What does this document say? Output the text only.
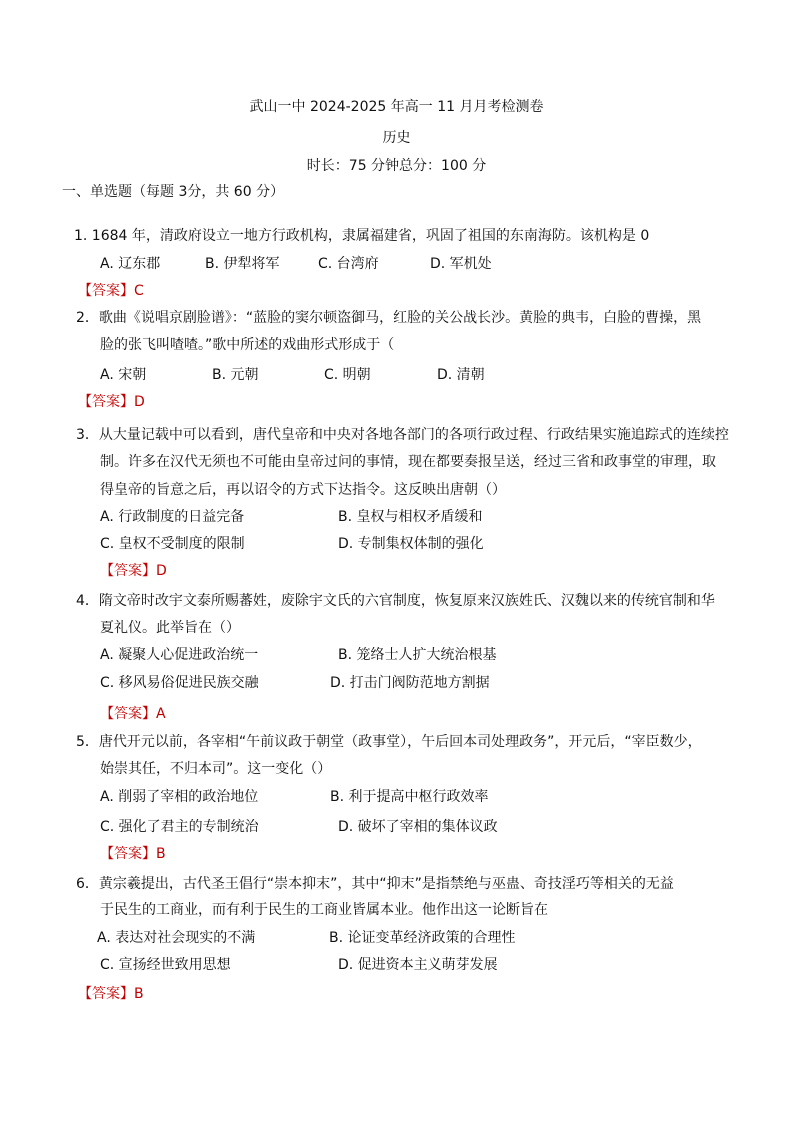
武山一中 2024-2025 年高一 11 月月考检测卷
历史
时长：75 分钟总分：100 分
一、单选题（每题 3分，共 60 分）
1. 1684 年，清政府设立一地方行政机构，隶属福建省，巩固了祖国的东南海防。该机构是 0
A. 辽东郡	B. 伊犁将军	C. 台湾府	D. 军机处
【答案】C
2．歌曲《说唱京剧脸谱》：“蓝脸的窦尔顿盗御马，红脸的关公战长沙。黄脸的典韦，白脸的曹操，黑
脸的张飞叫喳喳。”歌中所述的戏曲形式形成于（
A. 宋朝	B. 元朝	C. 明朝	D. 清朝
【答案】D
3．从大量记载中可以看到，唐代皇帝和中央对各地各部门的各项行政过程、行政结果实施追踪式的连续控
制。许多在汉代无须也不可能由皇帝过问的事情，现在都要奏报呈送，经过三省和政事堂的审理，取
得皇帝的旨意之后，再以诏令的方式下达指令。这反映出唐朝（）
A. 行政制度的日益完备	B. 皇权与相权矛盾缓和
C. 皇权不受制度的限制	D. 专制集权体制的强化
【答案】D
4．隋文帝时改宇文泰所赐蕃姓，废除宇文氏的六官制度，恢复原来汉族姓氏、汉魏以来的传统官制和华
夏礼仪。此举旨在（）
A. 凝聚人心促进政治统一	B. 笼络士人扩大统治根基
C. 移风易俗促进民族交融	D. 打击门阀防范地方割据
【答案】A
5．唐代开元以前，各宰相“午前议政于朝堂（政事堂），午后回本司处理政务”，开元后，“宰臣数少，
始崇其任，不归本司”。这一变化（）
A. 削弱了宰相的政治地位	B. 利于提高中枢行政效率
C. 强化了君主的专制统治	D. 破坏了宰相的集体议政
【答案】B
6．黄宗羲提出，古代圣王倡行“崇本抑末”，其中“抑末”是指禁绝与巫蛊、奇技淫巧等相关的无益
于民生的工商业，而有利于民生的工商业皆属本业。他作出这一论断旨在
A. 表达对社会现实的不满	B. 论证变革经济政策的合理性
C. 宣扬经世致用思想	D. 促进资本主义萌芽发展
【答案】B
